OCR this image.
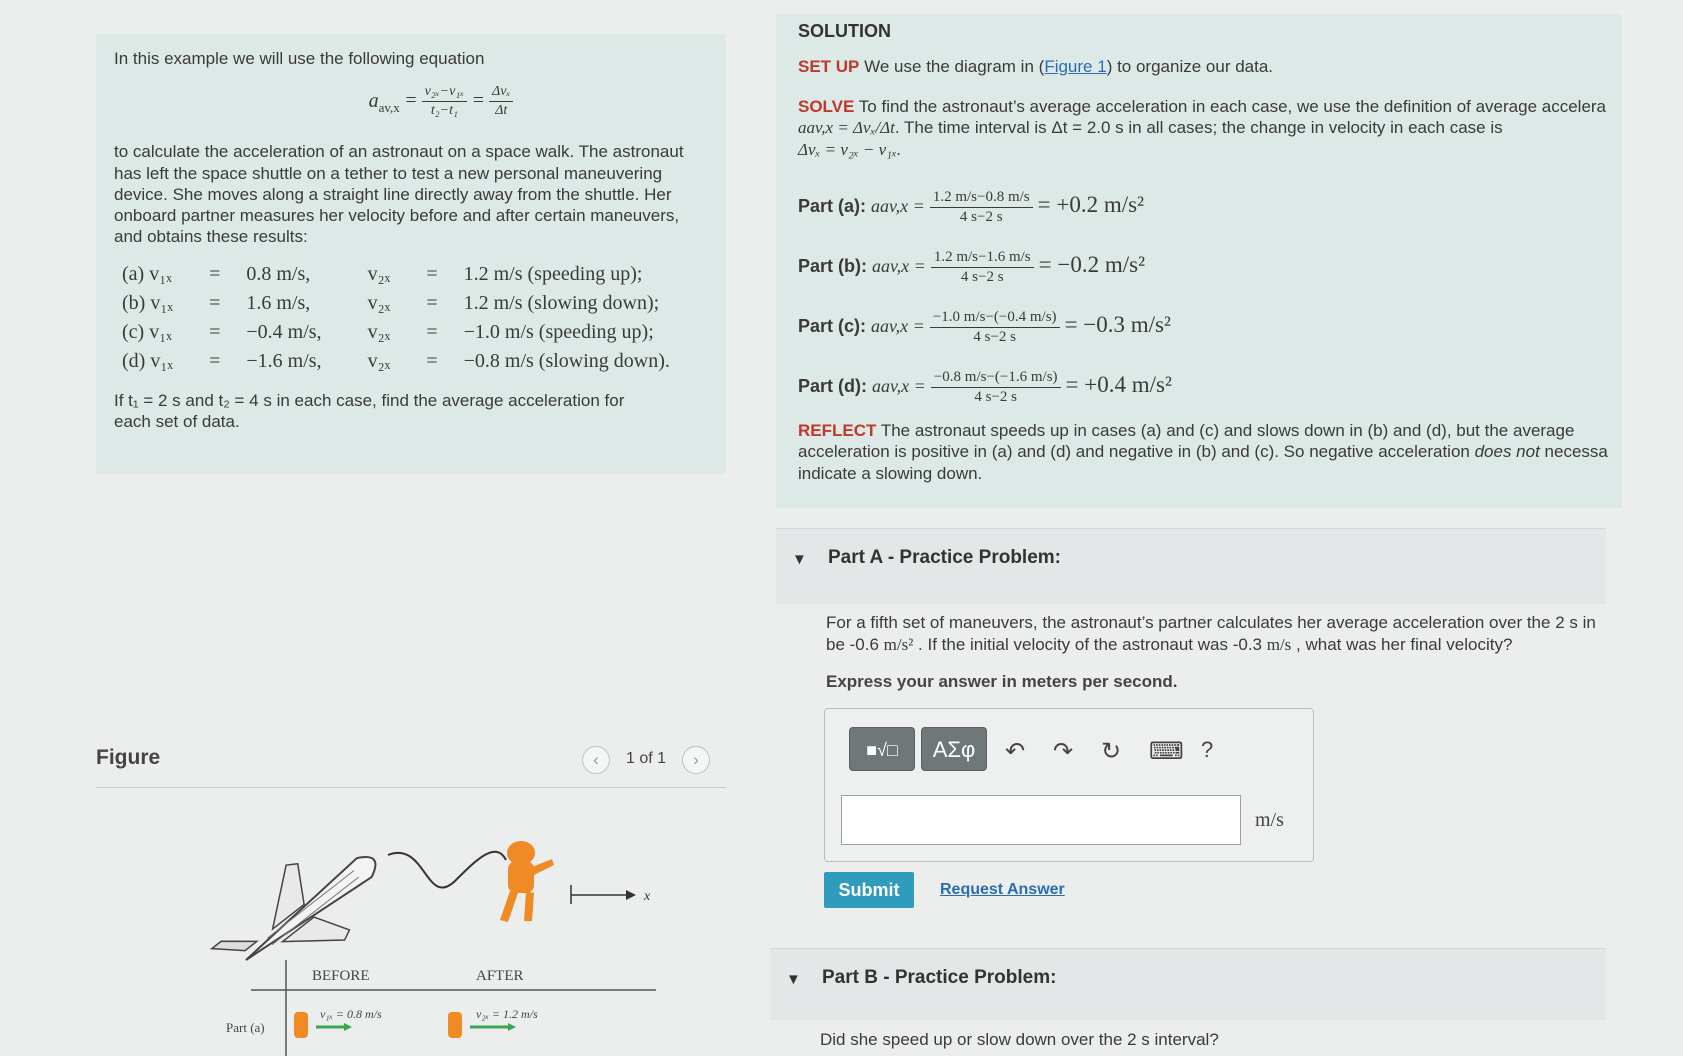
In this example we will use the following equation
$a_{av,x} = \frac{\text{v₂ₓ−v₁ₓ}}{\text{t₂−t₁}} = \frac{\text{Δvₓ}}{\Delta t}$
to calculate the acceleration of an astronaut on a space walk. The astronaut has left the space shuttle on a tether to test a new personal maneuvering device. She moves along a straight line directly away from the shuttle. Her onboard partner measures her velocity before and after certain maneuvers, and obtains these results:
(a) v₁ₓ	=	0.8 m/s,	v₂ₓ	=	1.2 m/s (speeding up);
(b) v₁ₓ	=	1.6 m/s,	v₂ₓ	=	1.2 m/s (slowing down);
(c) v₁ₓ	=	−0.4 m/s,	v₂ₓ	=	−1.0 m/s (speeding up);
(d) v₁ₓ	=	−1.6 m/s,	v₂ₓ	=	−0.8 m/s (slowing down).
If t₁ = 2 s and t₂ = 4 s in each case, find the average acceleration for
each set of data.
Figure	‹	1 of 1	›
x
BEFORE	AFTER
Part (a)
v₁ₓ = 0.8 m/s	v₂ₓ = 1.2 m/s
SOLUTION
SET UP We use the diagram in (Figure 1) to organize our data.
SOLVE To find the astronaut’s average acceleration in each case, we use the definition of average accelera
aav,x = Δvₓ/Δt. The time interval is Δt = 2.0 s in all cases; the change in velocity in each case is
Δvₓ = v₂ₓ − v₁ₓ.
Part (a): $aav,x = \frac{1.2 m/s-0.8 m/s}{4 s-2 s} = +0.2$ m/s²
Part (b): $aav,x = \frac{1.2 m/s-1.6 m/s}{4 s-2 s} = -0.2$ m/s²
Part (c): $aav,x = \frac{-1.0 m/s-(-0.4 m/s)}{4 s-2 s} = -0.3$ m/s²
Part (d): $aav,x = \frac{-0.8 m/s-(-1.6 m/s)}{4 s-2 s} = +0.4$ m/s²
REFLECT The astronaut speeds up in cases (a) and (c) and slows down in (b) and (d), but the average
acceleration is positive in (a) and (d) and negative in (b) and (c). So negative acceleration does not necessa
indicate a slowing down.
▼ Part A - Practice Problem:
For a fifth set of maneuvers, the astronaut’s partner calculates her average acceleration over the 2 s in
be -0.6 m/s² . If the initial velocity of the astronaut was -0.3 m/s , what was her final velocity?
Express your answer in meters per second.
■√□	ΑΣφ	↶ ↷ ↻ ⌨ ?
m/s
Submit	Request Answer
▼ Part B - Practice Problem:
Did she speed up or slow down over the 2 s interval?
